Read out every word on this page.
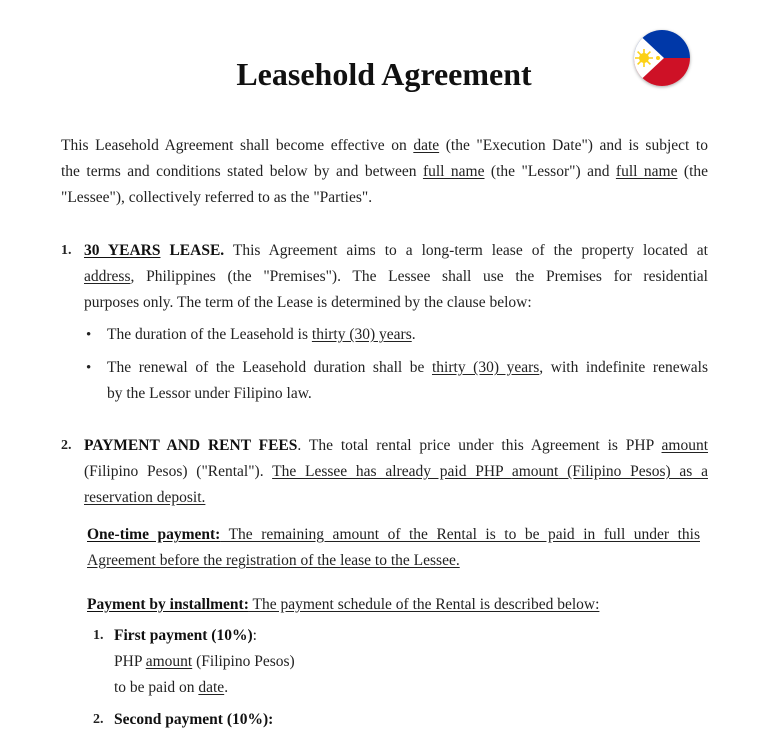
Leasehold Agreement

This Leasehold Agreement shall become effective on date (the "Execution Date") and is subject to

the terms and conditions stated below by and between full name (the "Lessor") and full name (the

"Lessee"), collectively referred to as the "Parties".

1. 30 YEARS LEASE. This Agreement aims to a long-term lease of the property located at

address, Philippines (the "Premises"). The Lessee shall use the Premises for residential

purposes only. The term of the Lease is determined by the clause below:

• The duration of the Leasehold is thirty (30) years.

• The renewal of the Leasehold duration shall be thirty (30) years, with indefinite renewals

by the Lessor under Filipino law.

2. PAYMENT AND RENT FEES. The total rental price under this Agreement is PHP amount

(Filipino Pesos) ("Rental"). The Lessee has already paid PHP amount (Filipino Pesos) as a

reservation deposit.

One-time payment: The remaining amount of the Rental is to be paid in full under this

Agreement before the registration of the lease to the Lessee.

Payment by installment: The payment schedule of the Rental is described below:

1. First payment (10%):

PHP amount (Filipino Pesos)

to be paid on date.

2. Second payment (10%):
